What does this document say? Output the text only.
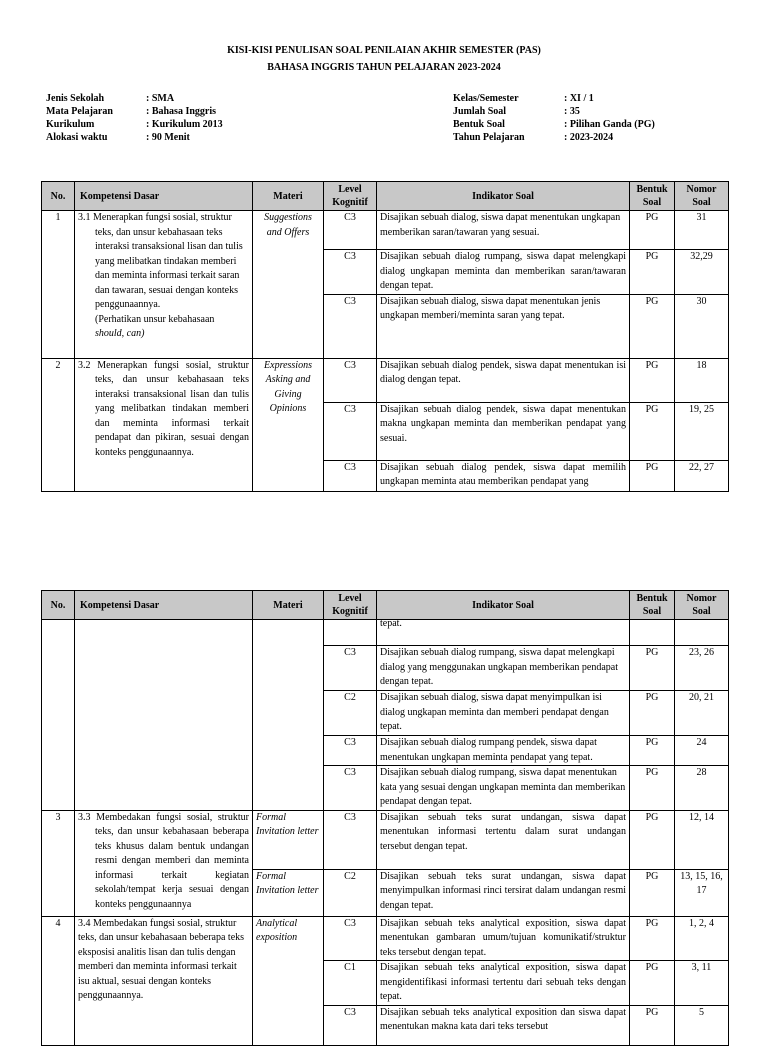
KISI-KISI PENULISAN SOAL PENILAIAN AKHIR SEMESTER (PAS)
BAHASA INGGRIS TAHUN PELAJARAN 2023-2024
Jenis Sekolah	: SMA
Mata Pelajaran	: Bahasa Inggris
Kurikulum	: Kurikulum 2013
Alokasi waktu	: 90 Menit
Kelas/Semester	: XI / 1
Jumlah Soal	: 35
Bentuk Soal	: Pilihan Ganda (PG)
Tahun Pelajaran	: 2023-2024
No.	Kompetensi Dasar	Materi	Level Kognitif	Indikator Soal	Bentuk Soal	Nomor Soal
1	3.1 Menerapkan fungsi sosial, struktur teks, dan unsur kebahasaan teks interaksi transaksional lisan dan tulis yang melibatkan tindakan memberi dan meminta informasi terkait saran dan tawaran, sesuai dengan konteks penggunaannya.
(Perhatikan unsur kebahasaan
should, can)	Suggestions and Offers	C3	Disajikan sebuah dialog, siswa dapat menentukan ungkapan memberikan saran/tawaran yang sesuai.	PG	31
			C3	Disajikan sebuah dialog rumpang, siswa dapat melengkapi dialog ungkapan meminta dan memberikan saran/tawaran dengan tepat.	PG	32,29
			C3	Disajikan sebuah dialog, siswa dapat menentukan jenis ungkapan memberi/meminta saran yang tepat.	PG	30
2	3.2 Menerapkan fungsi sosial, struktur teks, dan unsur kebahasaan teks interaksi transaksional lisan dan tulis yang melibatkan tindakan memberi dan meminta informasi terkait pendapat dan pikiran, sesuai dengan konteks penggunaannya.	Expressions Asking and Giving Opinions	C3	Disajikan sebuah dialog pendek, siswa dapat menentukan isi dialog dengan tepat.	PG	18
			C3	Disajikan sebuah dialog pendek, siswa dapat menentukan makna ungkapan meminta dan memberikan pendapat yang sesuai.	PG	19, 25
			C3	Disajikan sebuah dialog pendek, siswa dapat memilih ungkapan meminta atau memberikan pendapat yang	PG	22, 27
No.	Kompetensi Dasar	Materi	Level Kognitif	Indikator Soal	Bentuk Soal	Nomor Soal

				tepat.		

			C3	Disajikan sebuah dialog rumpang, siswa dapat melengkapi dialog yang menggunakan ungkapan memberikan pendapat dengan tepat.	PG	23, 26
			C2	Disajikan sebuah dialog, siswa dapat menyimpulkan isi dialog ungkapan meminta dan memberi pendapat dengan tepat.	PG	20, 21
			C3	Disajikan sebuah dialog rumpang pendek, siswa dapat menentukan ungkapan meminta pendapat yang tepat.	PG	24
			C3	Disajikan sebuah dialog rumpang, siswa dapat menentukan kata yang sesuai dengan ungkapan meminta dan memberikan pendapat dengan tepat.	PG	28
3	3.3 Membedakan fungsi sosial, struktur teks, dan unsur kebahasaan beberapa teks khusus dalam bentuk undangan resmi dengan memberi dan meminta informasi terkait kegiatan sekolah/tempat kerja sesuai dengan konteks penggunaannya	Formal Invitation letter	C3	Disajikan sebuah teks surat undangan, siswa dapat menentukan informasi tertentu dalam surat undangan tersebut dengan tepat.	PG	12, 14
		Formal Invitation letter	C2	Disajikan sebuah teks surat undangan, siswa dapat menyimpulkan informasi rinci tersirat dalam undangan resmi dengan tepat.	PG	13, 15, 16, 17
4	3.4 Membedakan fungsi sosial, struktur teks, dan unsur kebahasaan beberapa teks eksposisi analitis lisan dan tulis dengan memberi dan meminta informasi terkait isu aktual, sesuai dengan konteks penggunaannya.	Analytical exposition	C3	Disajikan sebuah teks analytical exposition, siswa dapat menentukan gambaran umum/tujuan komunikatif/struktur teks tersebut dengan tepat.	PG	1, 2, 4
			C1	Disajikan sebuah teks analytical exposition, siswa dapat mengidentifikasi informasi tertentu dari sebuah teks dengan tepat.	PG	3, 11
			C3	Disajikan sebuah teks analytical exposition dan siswa dapat menentukan makna kata dari teks tersebut	PG	5
